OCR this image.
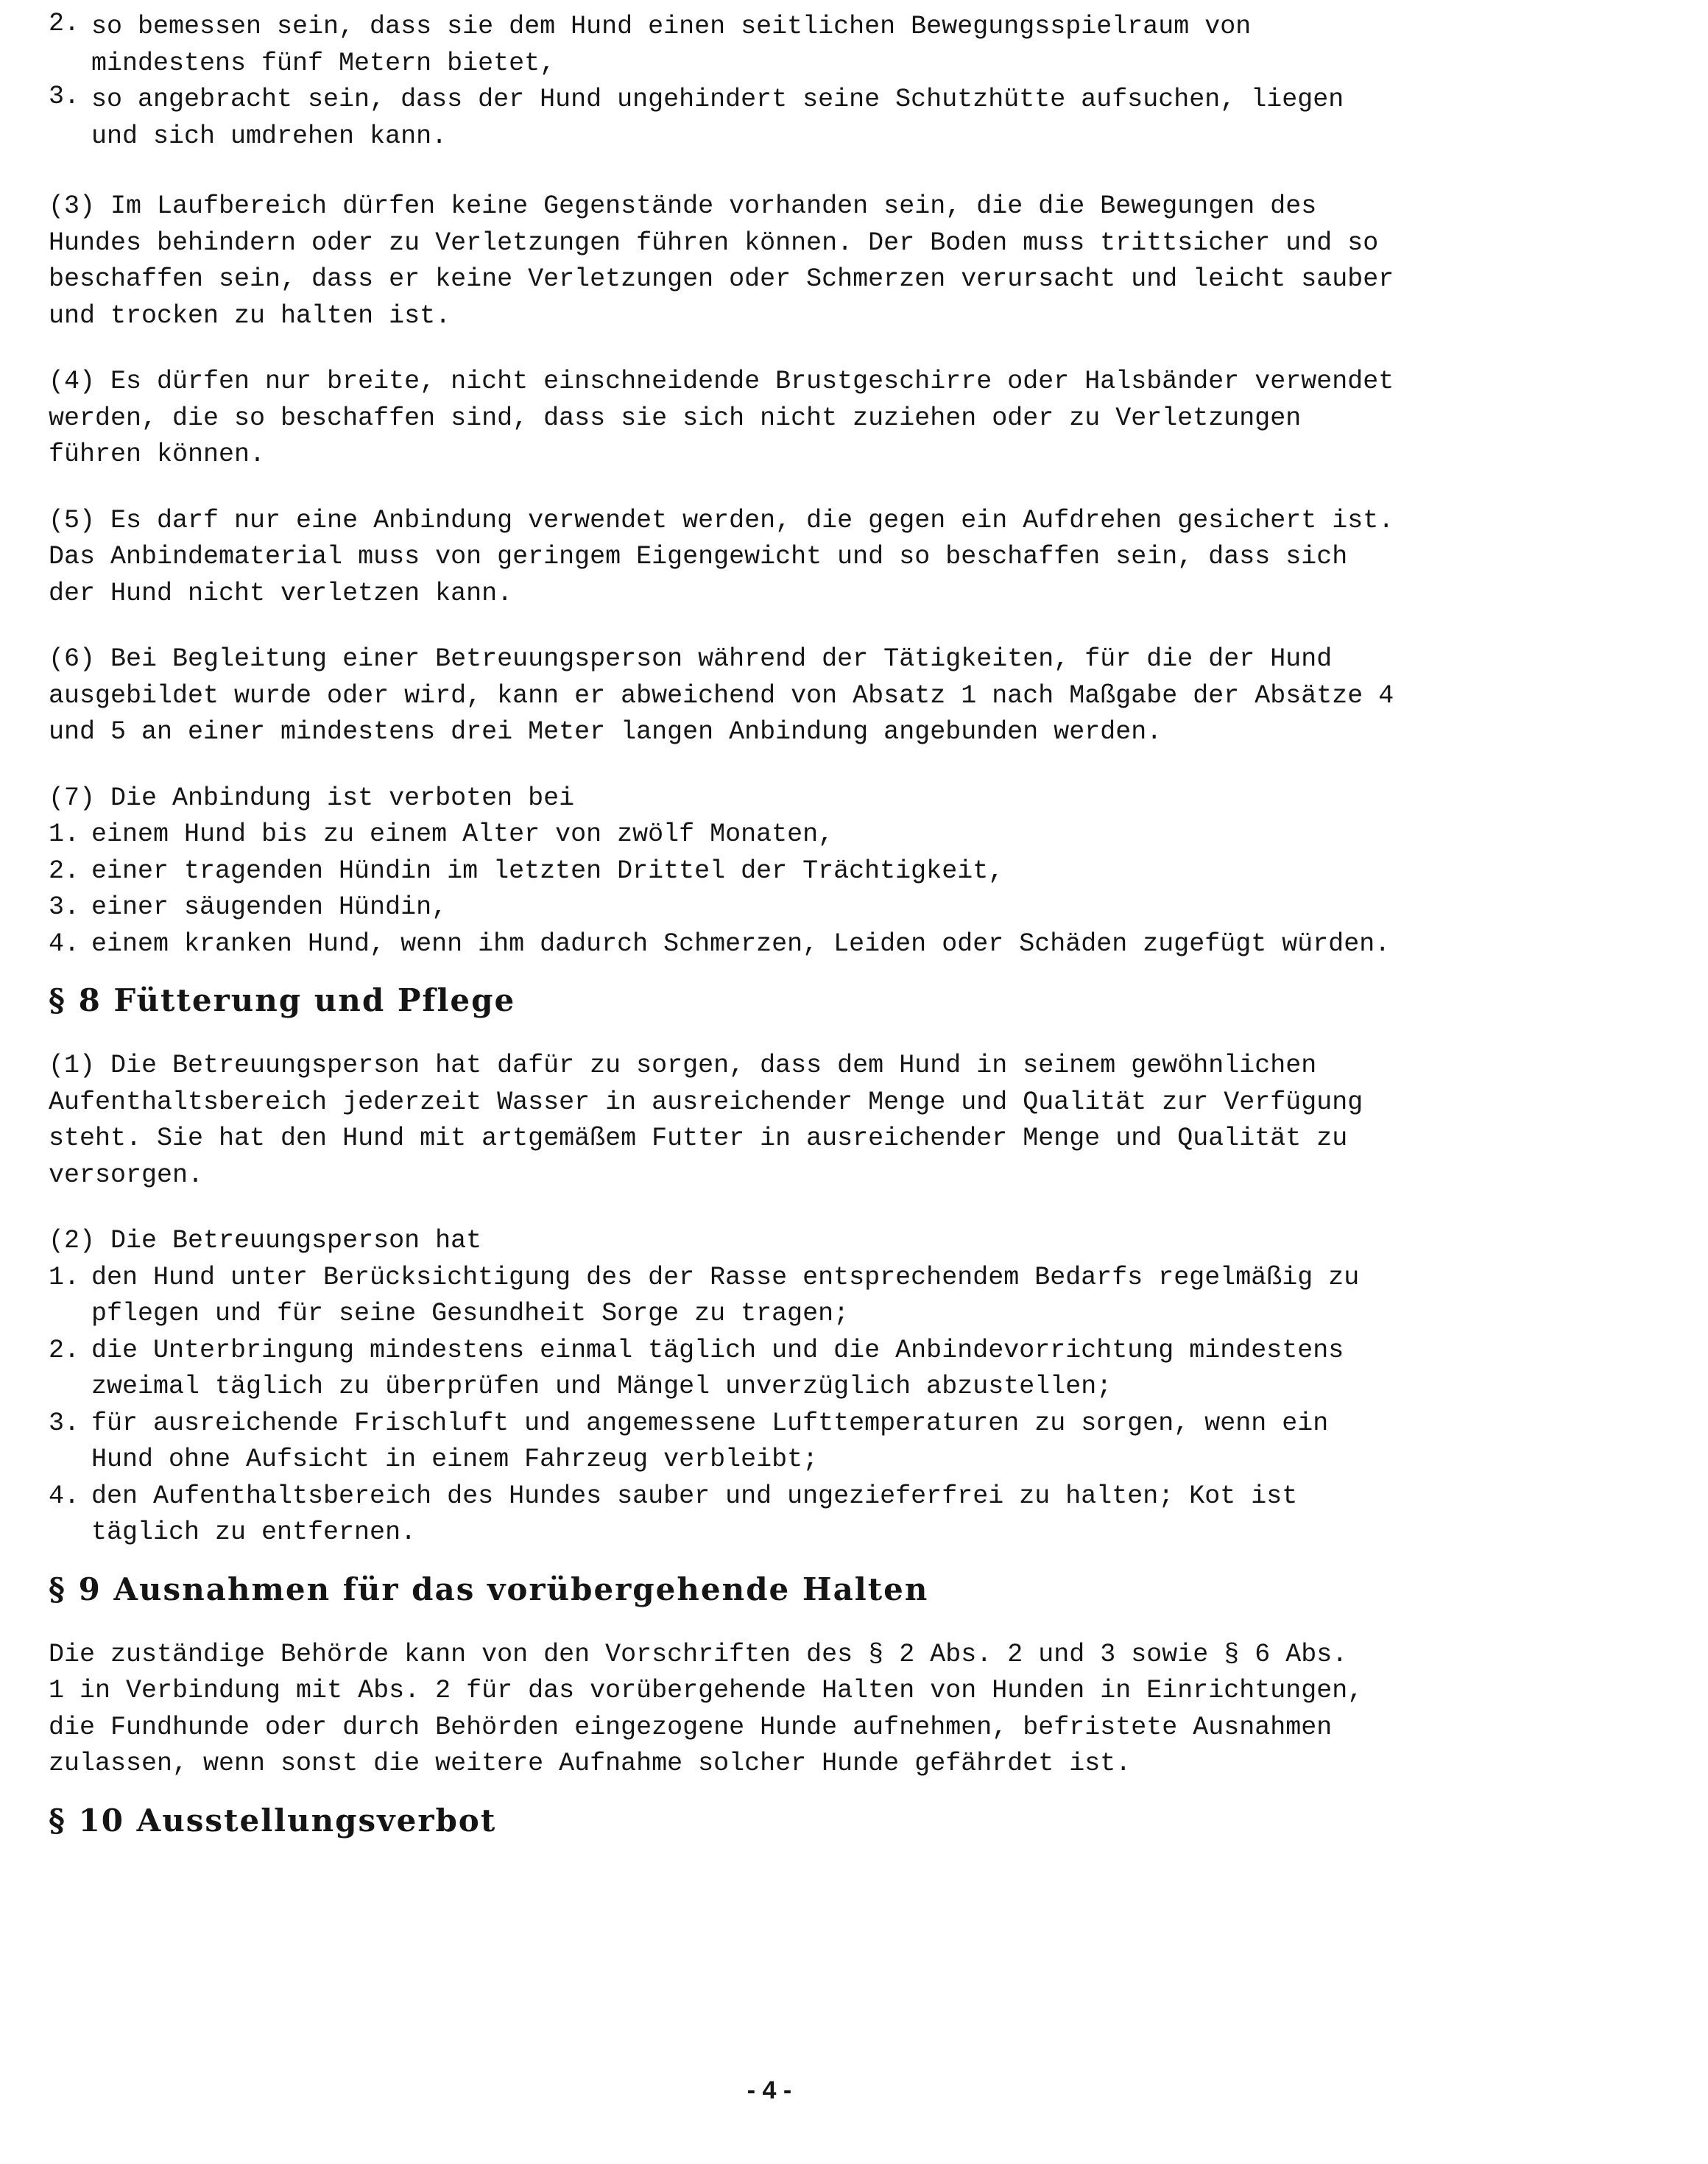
2. so bemessen sein, dass sie dem Hund einen seitlichen Bewegungsspielraum von
mindestens fünf Metern bietet,
3. so angebracht sein, dass der Hund ungehindert seine Schutzhütte aufsuchen, liegen
und sich umdrehen kann.
(3) Im Laufbereich dürfen keine Gegenstände vorhanden sein, die die Bewegungen des
Hundes behindern oder zu Verletzungen führen können. Der Boden muss trittsicher und so
beschaffen sein, dass er keine Verletzungen oder Schmerzen verursacht und leicht sauber
und trocken zu halten ist.
(4) Es dürfen nur breite, nicht einschneidende Brustgeschirre oder Halsbänder verwendet
werden, die so beschaffen sind, dass sie sich nicht zuziehen oder zu Verletzungen
führen können.
(5) Es darf nur eine Anbindung verwendet werden, die gegen ein Aufdrehen gesichert ist.
Das Anbindematerial muss von geringem Eigengewicht und so beschaffen sein, dass sich
der Hund nicht verletzen kann.
(6) Bei Begleitung einer Betreuungsperson während der Tätigkeiten, für die der Hund
ausgebildet wurde oder wird, kann er abweichend von Absatz 1 nach Maßgabe der Absätze 4
und 5 an einer mindestens drei Meter langen Anbindung angebunden werden.
(7) Die Anbindung ist verboten bei
1. einem Hund bis zu einem Alter von zwölf Monaten,
2. einer tragenden Hündin im letzten Drittel der Trächtigkeit,
3. einer säugenden Hündin,
4. einem kranken Hund, wenn ihm dadurch Schmerzen, Leiden oder Schäden zugefügt würden.
§ 8 Fütterung und Pflege
(1) Die Betreuungsperson hat dafür zu sorgen, dass dem Hund in seinem gewöhnlichen
Aufenthaltsbereich jederzeit Wasser in ausreichender Menge und Qualität zur Verfügung
steht. Sie hat den Hund mit artgemäßem Futter in ausreichender Menge und Qualität zu
versorgen.
(2) Die Betreuungsperson hat
1. den Hund unter Berücksichtigung des der Rasse entsprechendem Bedarfs regelmäßig zu
pflegen und für seine Gesundheit Sorge zu tragen;
2. die Unterbringung mindestens einmal täglich und die Anbindevorrichtung mindestens
zweimal täglich zu überprüfen und Mängel unverzüglich abzustellen;
3. für ausreichende Frischluft und angemessene Lufttemperaturen zu sorgen, wenn ein
Hund ohne Aufsicht in einem Fahrzeug verbleibt;
4. den Aufenthaltsbereich des Hundes sauber und ungezieferfrei zu halten; Kot ist
täglich zu entfernen.
§ 9 Ausnahmen für das vorübergehende Halten
Die zuständige Behörde kann von den Vorschriften des § 2 Abs. 2 und 3 sowie § 6 Abs.
1 in Verbindung mit Abs. 2 für das vorübergehende Halten von Hunden in Einrichtungen,
die Fundhunde oder durch Behörden eingezogene Hunde aufnehmen, befristete Ausnahmen
zulassen, wenn sonst die weitere Aufnahme solcher Hunde gefährdet ist.
§ 10 Ausstellungsverbot
- 4 -
